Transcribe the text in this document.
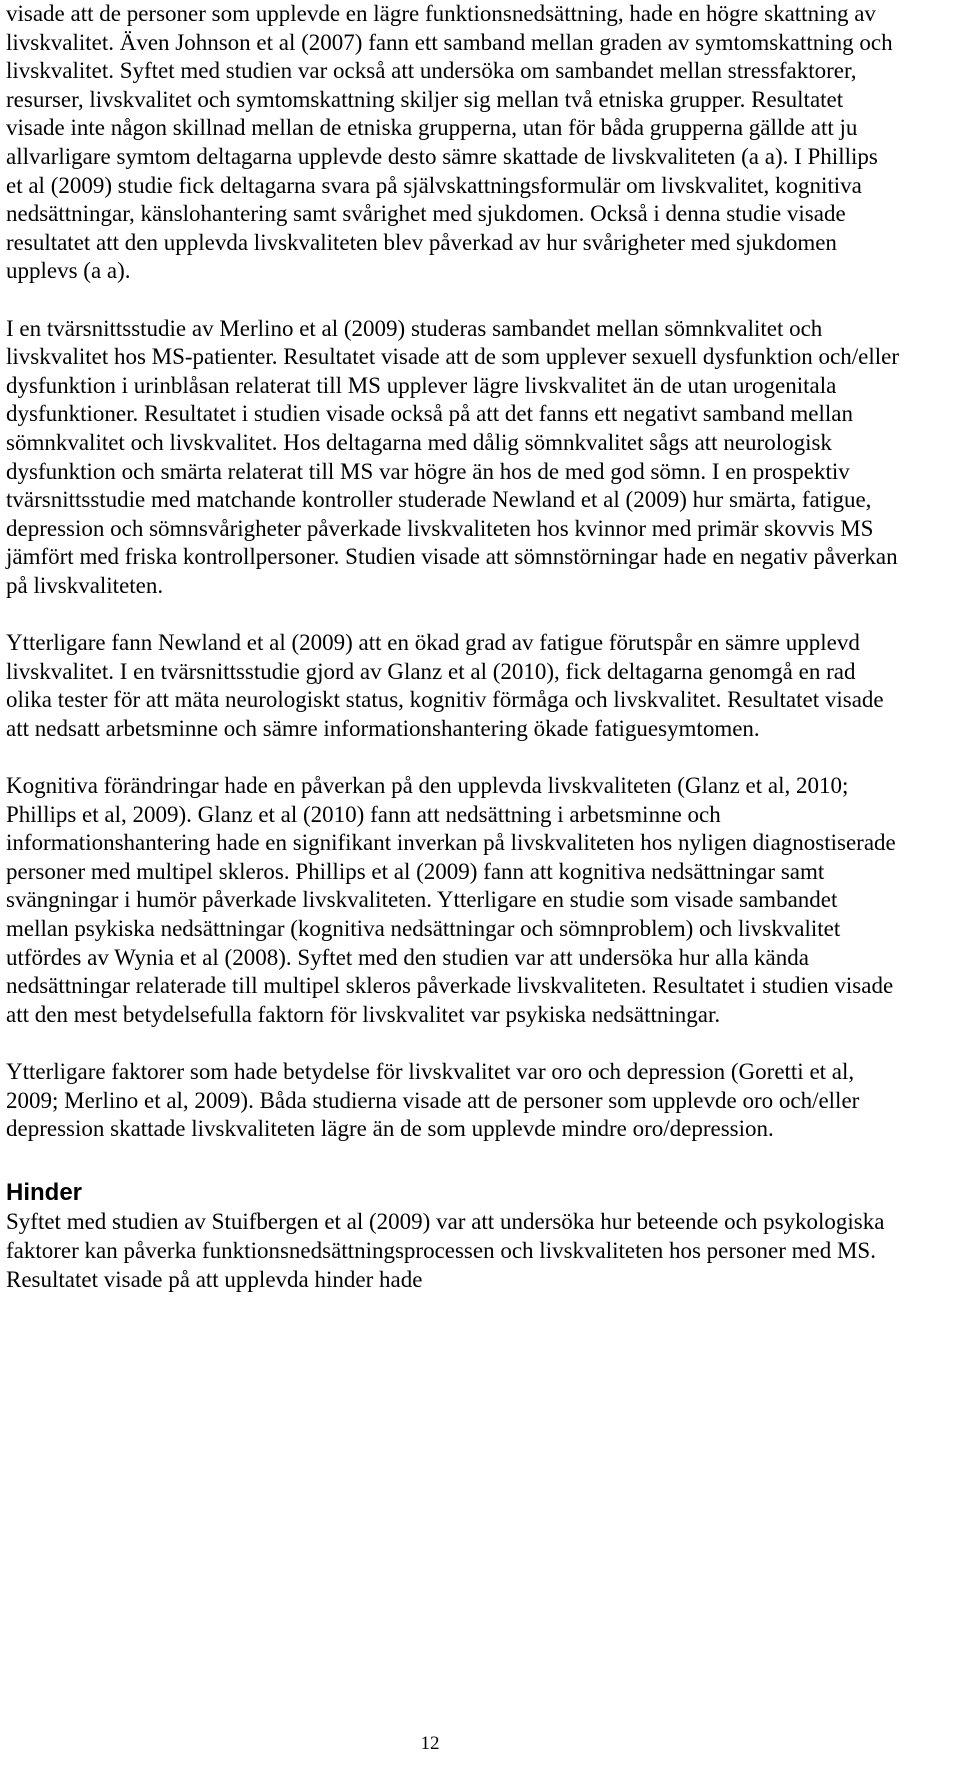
visade att de personer som upplevde en lägre funktionsnedsättning, hade en högre skattning av livskvalitet. Även Johnson et al (2007) fann ett samband mellan graden av symtomskattning och livskvalitet. Syftet med studien var också att undersöka om sambandet mellan stressfaktorer, resurser, livskvalitet och symtomskattning skiljer sig mellan två etniska grupper. Resultatet visade inte någon skillnad mellan de etniska grupperna, utan för båda grupperna gällde att ju allvarligare symtom deltagarna upplevde desto sämre skattade de livskvaliteten (a a). I Phillips et al (2009) studie fick deltagarna svara på självskattningsformulär om livskvalitet, kognitiva nedsättningar, känslohantering samt svårighet med sjukdomen. Också i denna studie visade resultatet att den upplevda livskvaliteten blev påverkad av hur svårigheter med sjukdomen upplevs (a a).

I en tvärsnittsstudie av Merlino et al (2009) studeras sambandet mellan sömnkvalitet och livskvalitet hos MS-patienter. Resultatet visade att de som upplever sexuell dysfunktion och/eller dysfunktion i urinblåsan relaterat till MS upplever lägre livskvalitet än de utan urogenitala dysfunktioner. Resultatet i studien visade också på att det fanns ett negativt samband mellan sömnkvalitet och livskvalitet. Hos deltagarna med dålig sömnkvalitet sågs att neurologisk dysfunktion och smärta relaterat till MS var högre än hos de med god sömn. I en prospektiv tvärsnittsstudie med matchande kontroller studerade Newland et al (2009) hur smärta, fatigue, depression och sömnsvårigheter påverkade livskvaliteten hos kvinnor med primär skovvis MS jämfört med friska kontrollpersoner. Studien visade att sömnstörningar hade en negativ påverkan på livskvaliteten.

Ytterligare fann Newland et al (2009) att en ökad grad av fatigue förutspår en sämre upplevd livskvalitet. I en tvärsnittsstudie gjord av Glanz et al (2010), fick deltagarna genomgå en rad olika tester för att mäta neurologiskt status, kognitiv förmåga och livskvalitet. Resultatet visade att nedsatt arbetsminne och sämre informationshantering ökade fatiguesymtomen.

Kognitiva förändringar hade en påverkan på den upplevda livskvaliteten (Glanz et al, 2010; Phillips et al, 2009). Glanz et al (2010) fann att nedsättning i arbetsminne och informationshantering hade en signifikant inverkan på livskvaliteten hos nyligen diagnostiserade personer med multipel skleros. Phillips et al (2009) fann att kognitiva nedsättningar samt svängningar i humör påverkade livskvaliteten. Ytterligare en studie som visade sambandet mellan psykiska nedsättningar (kognitiva nedsättningar och sömnproblem) och livskvalitet utfördes av Wynia et al (2008). Syftet med den studien var att undersöka hur alla kända nedsättningar relaterade till multipel skleros påverkade livskvaliteten. Resultatet i studien visade att den mest betydelsefulla faktorn för livskvalitet var psykiska nedsättningar.

Ytterligare faktorer som hade betydelse för livskvalitet var oro och depression (Goretti et al, 2009; Merlino et al, 2009). Båda studierna visade att de personer som upplevde oro och/eller depression skattade livskvaliteten lägre än de som upplevde mindre oro/depression.

Hinder

Syftet med studien av Stuifbergen et al (2009) var att undersöka hur beteende och psykologiska faktorer kan påverka funktionsnedsättningsprocessen och livskvaliteten hos personer med MS. Resultatet visade på att upplevda hinder hade

12
